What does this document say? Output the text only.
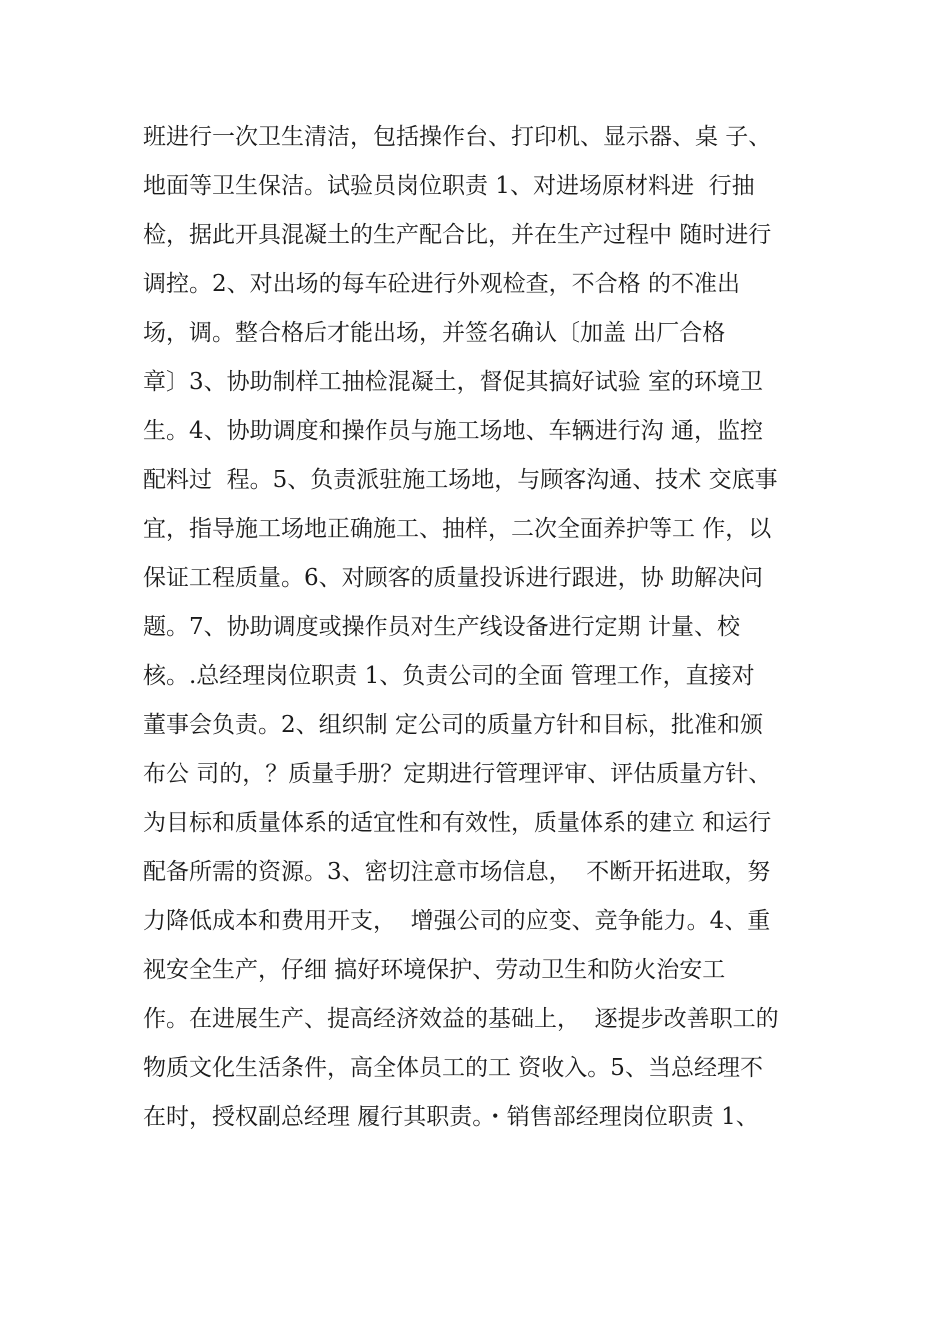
班进行一次卫生清洁，包括操作台、打印机、显示器、桌 子、
地面等卫生保洁。试验员岗位职责 1、对进场原材料进  行抽
检，据此开具混凝土的生产配合比，并在生产过程中 随时进行
调控。2、对出场的每车砼进行外观检查，不合格 的不准出
场，调。整合格后才能出场，并签名确认〔加盖 出厂合格
章〕3、协助制样工抽检混凝土，督促其搞好试验 室的环境卫
生。4、协助调度和操作员与施工场地、车辆进行沟 通，监控
配料过  程。5、负责派驻施工场地，与顾客沟通、技术 交底事
宜，指导施工场地正确施工、抽样，二次全面养护等工 作，以
保证工程质量。6、对顾客的质量投诉进行跟进，协 助解决问
题。7、协助调度或操作员对生产线设备进行定期 计量、校
核。.总经理岗位职责 1、负责公司的全面 管理工作，直接对
董事会负责。2、组织制 定公司的质量方针和目标，批准和颁
布公 司的，？质量手册？定期进行管理评审、评估质量方针、
为目标和质量体系的适宜性和有效性，质量体系的建立 和运行
配备所需的资源。3、密切注意市场信息，  不断开拓进取，努
力降低成本和费用开支，  增强公司的应变、竞争能力。4、重
视安全生产，仔细 搞好环境保护、劳动卫生和防火治安工
作。在进展生产、提高经济效益的基础上，  逐提步改善职工的
物质文化生活条件，高全体员工的工 资收入。5、当总经理不
在时，授权副总经理 履行其职责。・销售部经理岗位职责 1、
